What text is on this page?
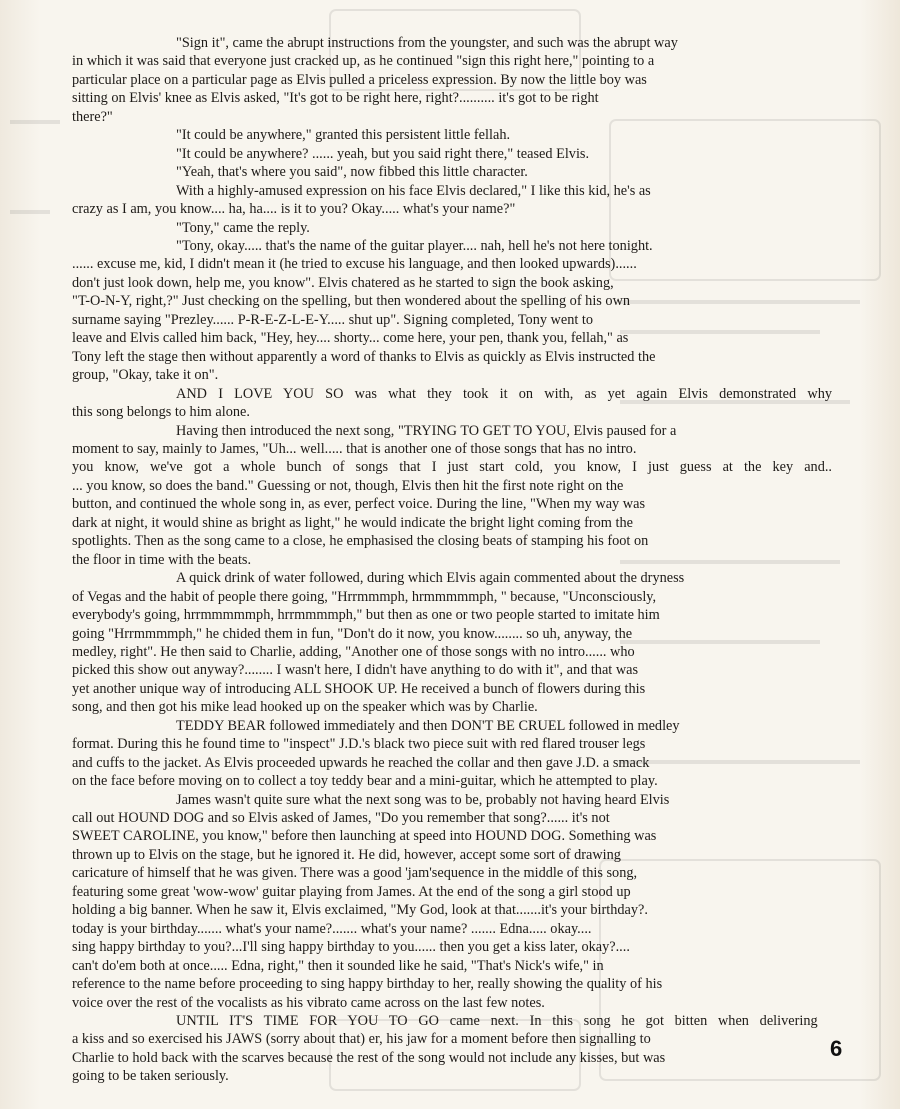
"Sign it", came the abrupt instructions from the youngster, and such was the abrupt way
in which it was said that everyone just cracked up, as he continued "sign this right here," pointing to a
particular place on a particular page as Elvis pulled a priceless expression. By now the little boy was
sitting on Elvis' knee as Elvis asked, "It's got to be right here, right?.......... it's got to be right
there?"
"It could be anywhere," granted this persistent little fellah.
"It could be anywhere? ...... yeah, but you said right there," teased Elvis.
"Yeah, that's where you said", now fibbed this little character.
With a highly-amused expression on his face Elvis declared," I like this kid, he's as
crazy as I am, you know.... ha, ha.... is it to you? Okay..... what's your name?"
"Tony," came the reply.
"Tony, okay..... that's the name of the guitar player.... nah, hell he's not here tonight.
...... excuse me, kid, I didn't mean it (he tried to excuse his language, and then looked upwards)......
don't just look down, help me, you know". Elvis chatered as he started to sign the book asking,
"T-O-N-Y, right,?" Just checking on the spelling, but then wondered about the spelling of his own
surname saying "Prezley...... P-R-E-Z-L-E-Y..... shut up". Signing completed, Tony went to
leave and Elvis called him back, "Hey, hey.... shorty... come here, your pen, thank you, fellah," as
Tony left the stage then without apparently a word of thanks to Elvis as quickly as Elvis instructed the
group, "Okay, take it on".
AND I LOVE YOU SO was what they took it on with, as yet again Elvis demonstrated why
this song belongs to him alone.
Having then introduced the next song, "TRYING TO GET TO YOU, Elvis paused for a
moment to say, mainly to James, "Uh... well..... that is another one of those songs that has no intro.
you know, we've got a whole bunch of songs that I just start cold, you know, I just guess at the key and..
... you know, so does the band." Guessing or not, though, Elvis then hit the first note right on the
button, and continued the whole song in, as ever, perfect voice. During the line, "When my way was
dark at night, it would shine as bright as light," he would indicate the bright light coming from the
spotlights. Then as the song came to a close, he emphasised the closing beats of stamping his foot on
the floor in time with the beats.
A quick drink of water followed, during which Elvis again commented about the dryness
of Vegas and the habit of people there going, "Hrrmmmph, hrmmmmmph, " because, "Unconsciously,
everybody's going, hrrmmmmmph, hrrmmmmph," but then as one or two people started to imitate him
going "Hrrmmmmph," he chided them in fun, "Don't do it now, you know........ so uh, anyway, the
medley, right". He then said to Charlie, adding, "Another one of those songs with no intro...... who
picked this show out anyway?........ I wasn't here, I didn't have anything to do with it", and that was
yet another unique way of introducing ALL SHOOK UP. He received a bunch of flowers during this
song, and then got his mike lead hooked up on the speaker which was by Charlie.
TEDDY BEAR followed immediately and then DON'T BE CRUEL followed in medley
format. During this he found time to "inspect" J.D.'s black two piece suit with red flared trouser legs
and cuffs to the jacket. As Elvis proceeded upwards he reached the collar and then gave J.D. a smack
on the face before moving on to collect a toy teddy bear and a mini-guitar, which he attempted to play.
James wasn't quite sure what the next song was to be, probably not having heard Elvis
call out HOUND DOG and so Elvis asked of James, "Do you remember that song?...... it's not
SWEET CAROLINE, you know," before then launching at speed into HOUND DOG. Something was
thrown up to Elvis on the stage, but he ignored it. He did, however, accept some sort of drawing
caricature of himself that he was given. There was a good 'jam'sequence in the middle of this song,
featuring some great 'wow-wow' guitar playing from James. At the end of the song a girl stood up
holding a big banner. When he saw it, Elvis exclaimed, "My God, look at that.......it's your birthday?.
today is your birthday....... what's your name?....... what's your name? ....... Edna..... okay....
sing happy birthday to you?...I'll sing happy birthday to you...... then you get a kiss later, okay?....
can't do'em both at once..... Edna, right," then it sounded like he said, "That's Nick's wife," in
reference to the name before proceeding to sing happy birthday to her, really showing the quality of his
voice over the rest of the vocalists as his vibrato came across on the last few notes.
UNTIL IT'S TIME FOR YOU TO GO came next. In this song he got bitten when delivering
a kiss and so exercised his JAWS (sorry about that) er, his jaw for a moment before then signalling to
Charlie to hold back with the scarves because the rest of the song would not include any kisses, but was
going to be taken seriously.
6
